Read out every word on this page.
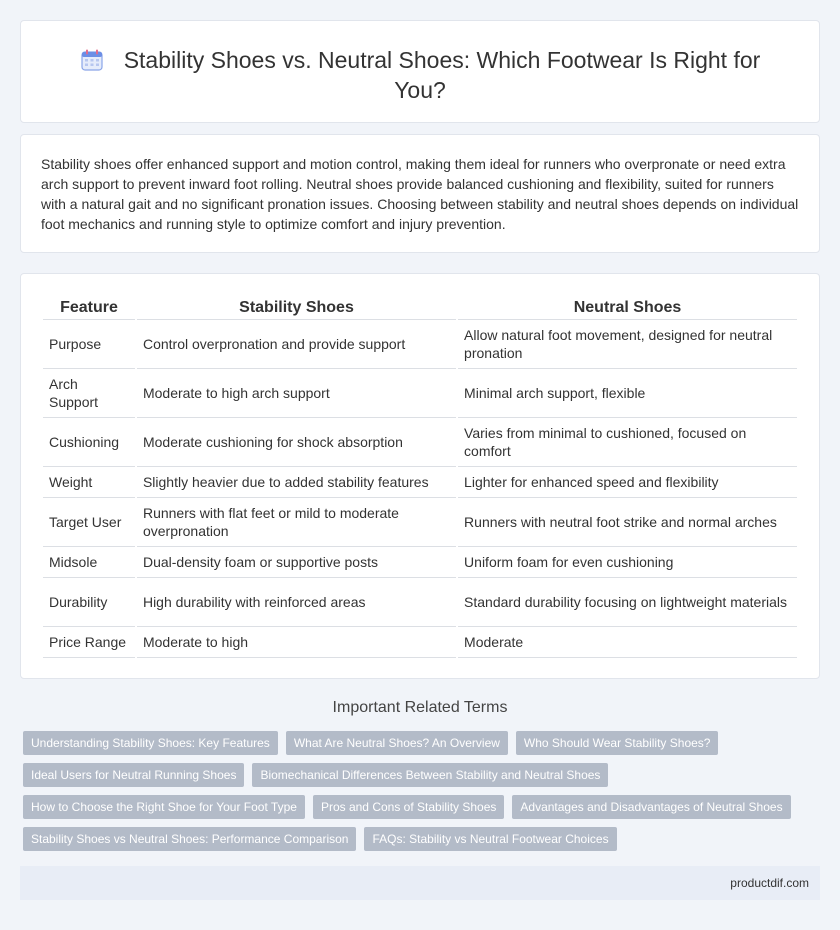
Stability Shoes vs. Neutral Shoes: Which Footwear Is Right for You?

Stability shoes offer enhanced support and motion control, making them ideal for runners who overpronate or need extra arch support to prevent inward foot rolling. Neutral shoes provide balanced cushioning and flexibility, suited for runners with a natural gait and no significant pronation issues. Choosing between stability and neutral shoes depends on individual foot mechanics and running style to optimize comfort and injury prevention.

Feature	Stability Shoes	Neutral Shoes
Purpose	Control overpronation and provide support	Allow natural foot movement, designed for neutral pronation
Arch Support	Moderate to high arch support	Minimal arch support, flexible
Cushioning	Moderate cushioning for shock absorption	Varies from minimal to cushioned, focused on comfort
Weight	Slightly heavier due to added stability features	Lighter for enhanced speed and flexibility
Target User	Runners with flat feet or mild to moderate overpronation	Runners with neutral foot strike and normal arches
Midsole	Dual-density foam or supportive posts	Uniform foam for even cushioning
Durability	High durability with reinforced areas	Standard durability focusing on lightweight materials
Price Range	Moderate to high	Moderate
Important Related Terms
Understanding Stability Shoes: Key Features	What Are Neutral Shoes? An Overview	Who Should Wear Stability Shoes?
Ideal Users for Neutral Running Shoes	Biomechanical Differences Between Stability and Neutral Shoes
How to Choose the Right Shoe for Your Foot Type	Pros and Cons of Stability Shoes	Advantages and Disadvantages of Neutral Shoes
Stability Shoes vs Neutral Shoes: Performance Comparison	FAQs: Stability vs Neutral Footwear Choices
productdif.com
